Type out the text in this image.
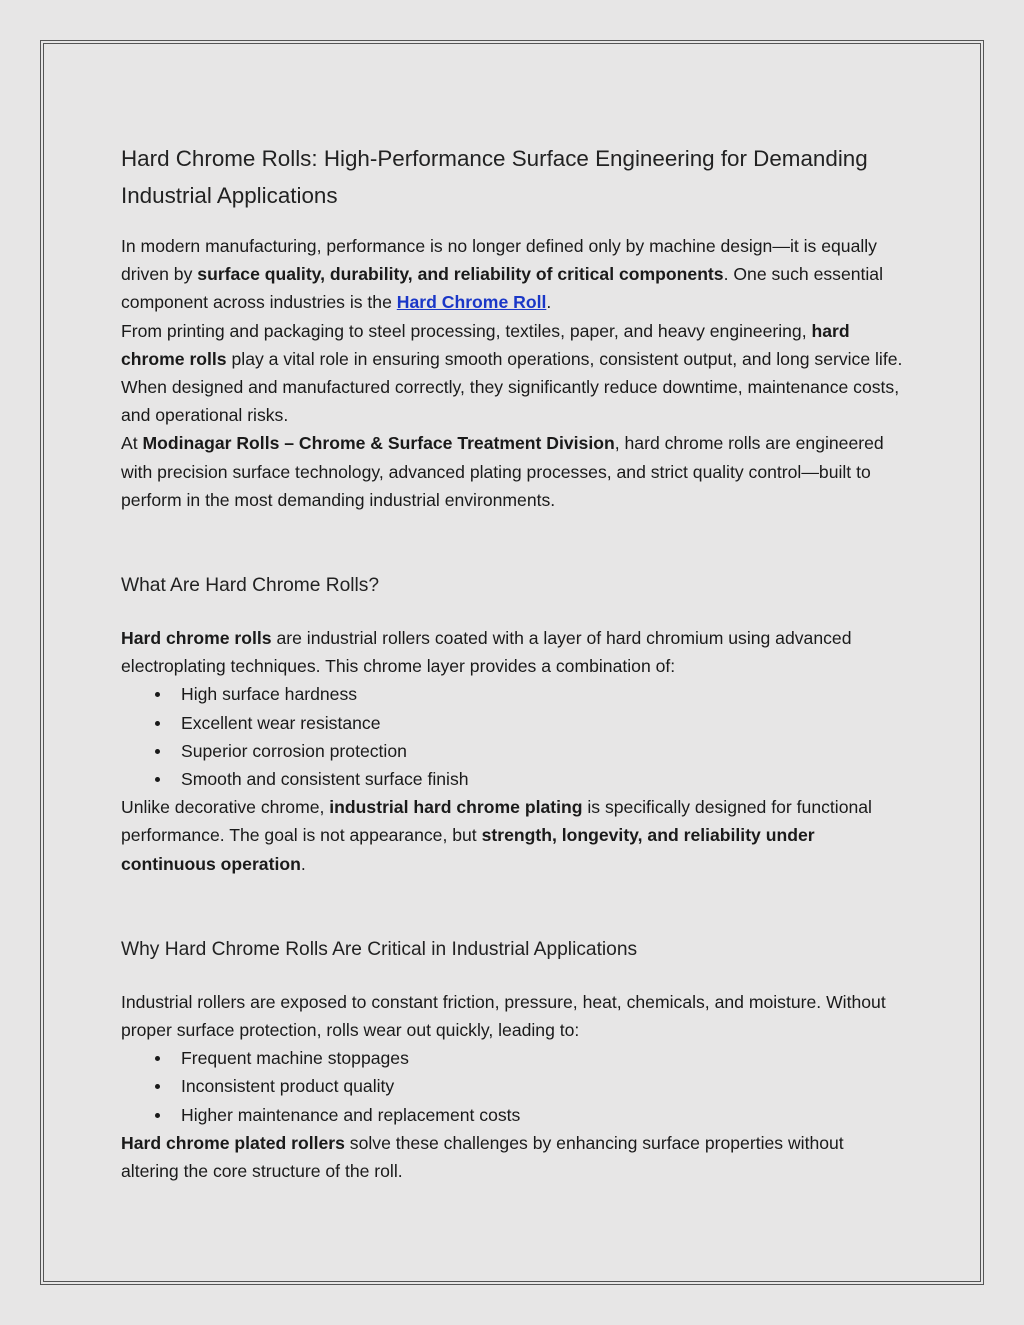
Hard Chrome Rolls: High-Performance Surface Engineering for Demanding Industrial Applications

In modern manufacturing, performance is no longer defined only by machine design—it is equally driven by surface quality, durability, and reliability of critical components. One such essential component across industries is the Hard Chrome Roll.

From printing and packaging to steel processing, textiles, paper, and heavy engineering, hard chrome rolls play a vital role in ensuring smooth operations, consistent output, and long service life. When designed and manufactured correctly, they significantly reduce downtime, maintenance costs, and operational risks.

At Modinagar Rolls – Chrome & Surface Treatment Division, hard chrome rolls are engineered with precision surface technology, advanced plating processes, and strict quality control—built to perform in the most demanding industrial environments.

What Are Hard Chrome Rolls?

Hard chrome rolls are industrial rollers coated with a layer of hard chromium using advanced electroplating techniques. This chrome layer provides a combination of:

High surface hardness
Excellent wear resistance
Superior corrosion protection
Smooth and consistent surface finish

Unlike decorative chrome, industrial hard chrome plating is specifically designed for functional performance. The goal is not appearance, but strength, longevity, and reliability under continuous operation.

Why Hard Chrome Rolls Are Critical in Industrial Applications

Industrial rollers are exposed to constant friction, pressure, heat, chemicals, and moisture. Without proper surface protection, rolls wear out quickly, leading to:

Frequent machine stoppages
Inconsistent product quality
Higher maintenance and replacement costs

Hard chrome plated rollers solve these challenges by enhancing surface properties without altering the core structure of the roll.
